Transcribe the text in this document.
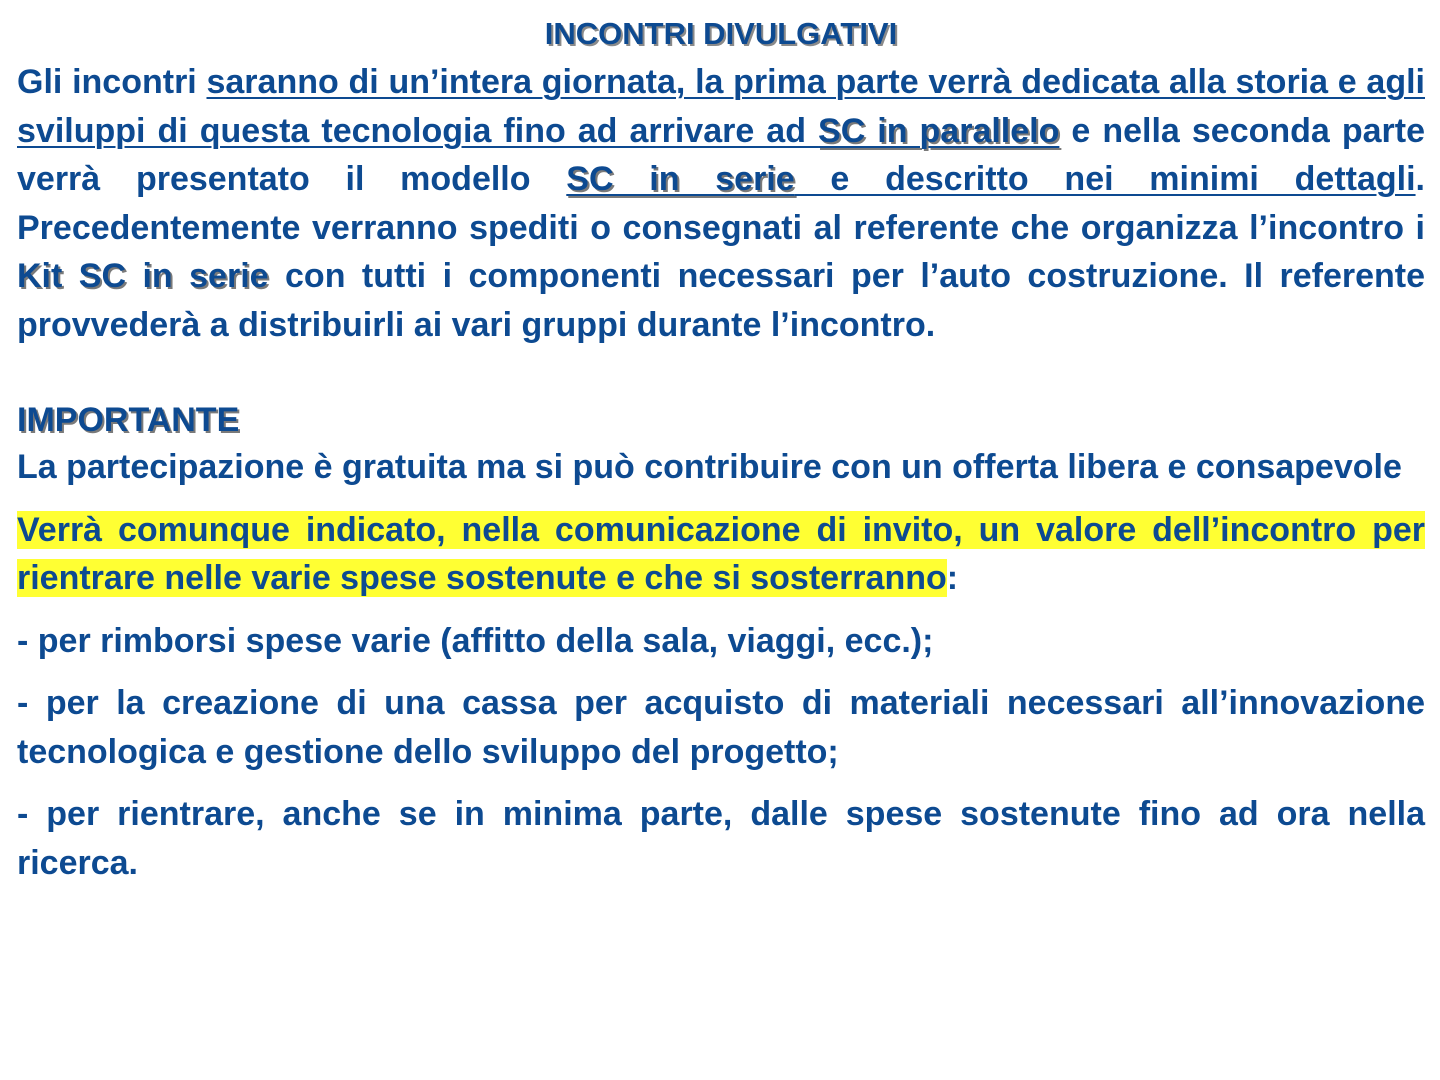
INCONTRI DIVULGATIVI

Gli incontri saranno di un’intera giornata, la prima parte verrà dedicata alla storia e agli sviluppi di questa tecnologia fino ad arrivare ad SC in parallelo e nella seconda parte verrà presentato il modello SC in serie e descritto nei minimi dettagli. Precedentemente verranno spediti o consegnati al referente che organizza l’incontro i Kit SC in serie con tutti i componenti necessari per l’auto costruzione. Il referente provvederà a distribuirli ai vari gruppi durante l’incontro.

IMPORTANTE

La partecipazione è gratuita ma si può contribuire con un offerta libera e consapevole

Verrà comunque indicato, nella comunicazione di invito, un valore dell’incontro per rientrare nelle varie spese sostenute e che si sosterranno:

- per rimborsi spese varie (affitto della sala, viaggi, ecc.);

- per la creazione di una cassa per acquisto di materiali necessari all’innovazione tecnologica e gestione dello sviluppo del progetto;

- per rientrare, anche se in minima parte, dalle spese sostenute fino ad ora nella ricerca.
